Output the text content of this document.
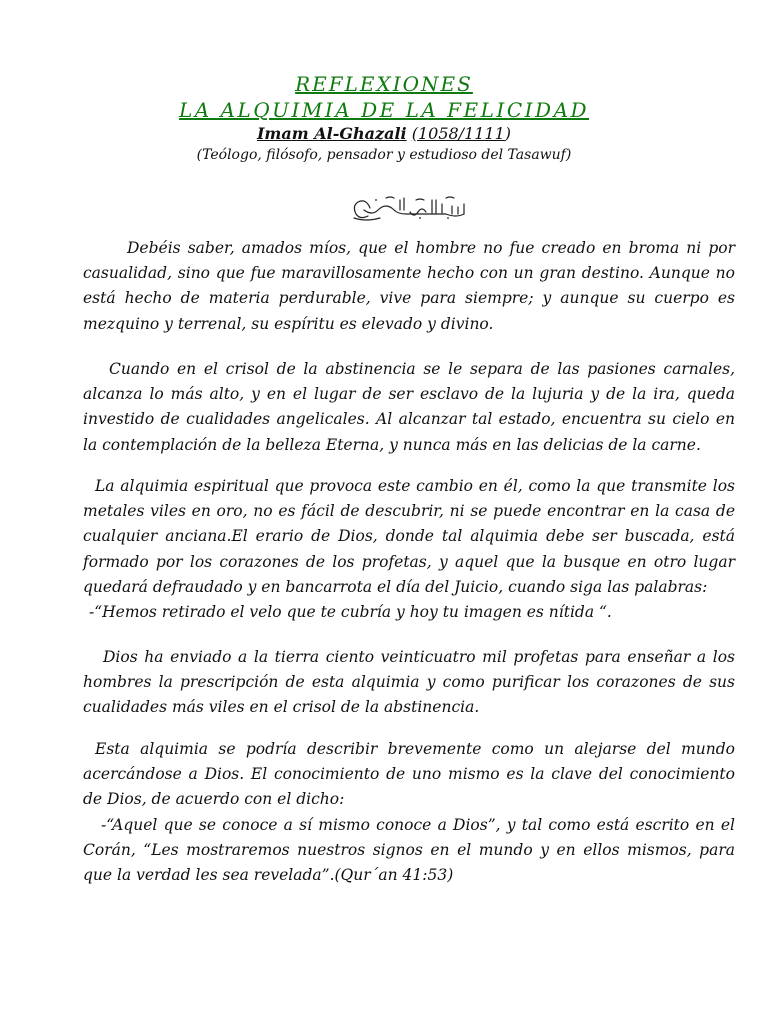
REFLEXIONES
LA ALQUIMIA DE LA FELICIDAD
Imam Al-Ghazali (1058/1111)
(Teólogo, filósofo, pensador y estudioso del Tasawuf)

Debéis saber, amados míos, que el hombre no fue creado en broma ni por casualidad, sino que fue maravillosamente hecho con un gran destino. Aunque no está hecho de materia perdurable, vive para siempre; y aunque su cuerpo es mezquino y terrenal, su espíritu es elevado y divino.

Cuando en el crisol de la abstinencia se le separa de las pasiones carnales, alcanza lo más alto, y en el lugar de ser esclavo de la lujuria y de la ira, queda investido de cualidades angelicales. Al alcanzar tal estado, encuentra su cielo en la contemplación de la belleza Eterna, y nunca más en las delicias de la carne.

La alquimia espiritual que provoca este cambio en él, como la que transmite los metales viles en oro, no es fácil de descubrir, ni se puede encontrar en la casa de cualquier anciana.El erario de Dios, donde tal alquimia debe ser buscada, está formado por los corazones de los profetas, y aquel que la busque en otro lugar quedará defraudado y en bancarrota el día del Juicio, cuando siga las palabras:
-“Hemos retirado el velo que te cubría y hoy tu imagen es nítida “.

Dios ha enviado a la tierra ciento veinticuatro mil profetas para enseñar a los hombres la prescripción de esta alquimia y como purificar los corazones de sus cualidades más viles en el crisol de la abstinencia.

Esta alquimia se podría describir brevemente como un alejarse del mundo acercándose a Dios. El conocimiento de uno mismo es la clave del conocimiento de Dios, de acuerdo con el dicho:
-“Aquel que se conoce a sí mismo conoce a Dios”, y tal como está escrito en el Corán, “Les mostraremos nuestros signos en el mundo y en ellos mismos, para que la verdad les sea revelada”.(Qur´an 41:53)
